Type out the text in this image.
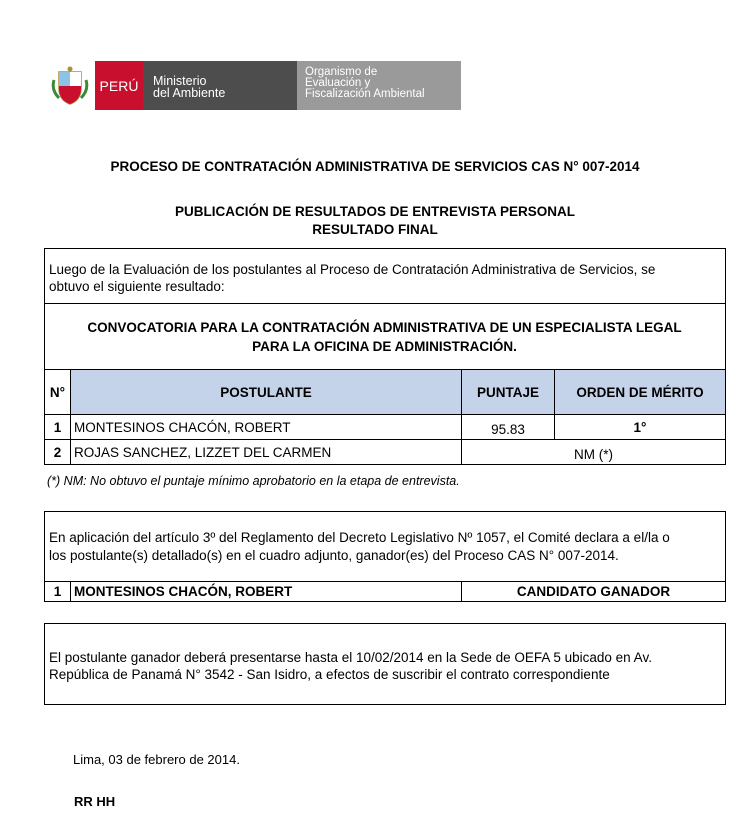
PERÚ	Ministerio
del Ambiente
Organismo de
Evaluación y
Fiscalización Ambiental
PROCESO DE CONTRATACIÓN ADMINISTRATIVA DE SERVICIOS CAS N° 007-2014
PUBLICACIÓN DE RESULTADOS DE ENTREVISTA PERSONAL
RESULTADO FINAL
Luego de la Evaluación de los postulantes al Proceso de Contratación Administrativa de Servicios, se
obtuvo el siguiente resultado:
CONVOCATORIA PARA LA CONTRATACIÓN ADMINISTRATIVA DE UN ESPECIALISTA LEGAL
PARA LA OFICINA DE ADMINISTRACIÓN.
N°	POSTULANTE	PUNTAJE	ORDEN DE MÉRITO
1 MONTESINOS CHACÓN, ROBERT	95.83	1°
2 ROJAS SANCHEZ, LIZZET DEL CARMEN	NM (*)
(*) NM: No obtuvo el puntaje mínimo aprobatorio en la etapa de entrevista.
En aplicación del artículo 3º del Reglamento del Decreto Legislativo Nº 1057, el Comité declara a el/la o
los postulante(s) detallado(s) en el cuadro adjunto, ganador(es) del Proceso CAS N° 007-2014.
1 MONTESINOS CHACÓN, ROBERT	CANDIDATO GANADOR
El postulante ganador deberá presentarse hasta el 10/02/2014 en la Sede de OEFA 5 ubicado en Av.
República de Panamá N° 3542 - San Isidro, a efectos de suscribir el contrato correspondiente
Lima, 03 de febrero de 2014.
RR HH
